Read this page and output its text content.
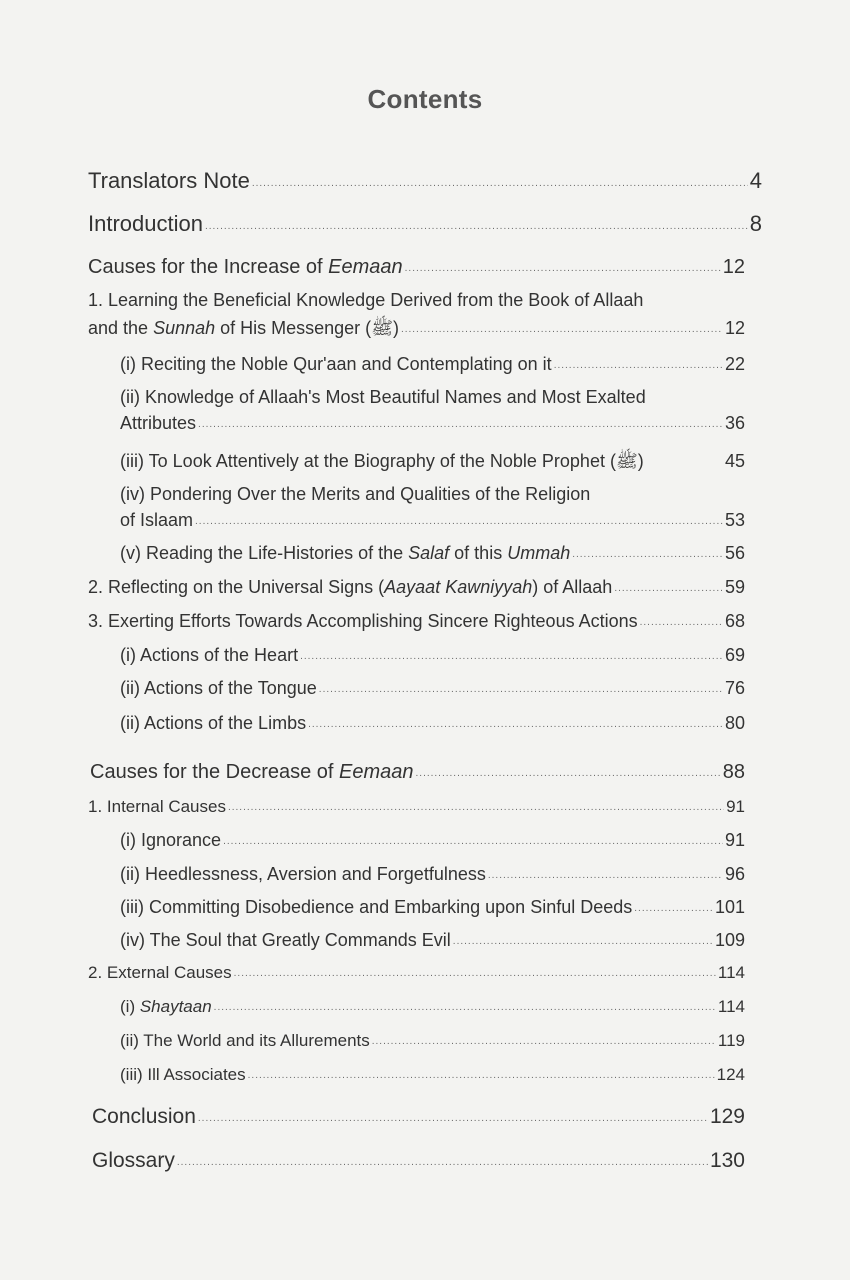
Contents
Translators Note .....	4
Introduction .....	8
Causes for the Increase of Eemaan .....	12
1. Learning the Beneficial Knowledge Derived from the Book of Allaah
and the Sunnah of His Messenger (ﷺ) .....	12
(i) Reciting the Noble Qur'aan and Contemplating on it .....	22
(ii) Knowledge of Allaah's Most Beautiful Names and Most Exalted
Attributes .....	36
(iii) To Look Attentively at the Biography of the Noble Prophet (ﷺ)	45
(iv) Pondering Over the Merits and Qualities of the Religion
of Islaam .....	53
(v) Reading the Life-Histories of the Salaf of this Ummah .....	56
2. Reflecting on the Universal Signs (Aayaat Kawniyyah) of Allaah .....	59
3. Exerting Efforts Towards Accomplishing Sincere Righteous Actions .....	68
(i) Actions of the Heart .....	69
(ii) Actions of the Tongue .....	76
(ii) Actions of the Limbs .....	80
Causes for the Decrease of Eemaan .....	88
1. Internal Causes .....	91
(i) Ignorance .....	91
(ii) Heedlessness, Aversion and Forgetfulness .....	96
(iii) Committing Disobedience and Embarking upon Sinful Deeds .....	101
(iv) The Soul that Greatly Commands Evil .....	109
2. External Causes .....	114
(i) Shaytaan .....	114
(ii) The World and its Allurements .....	119
(iii) Ill Associates .....	124
Conclusion .....	129
Glossary .....	130
